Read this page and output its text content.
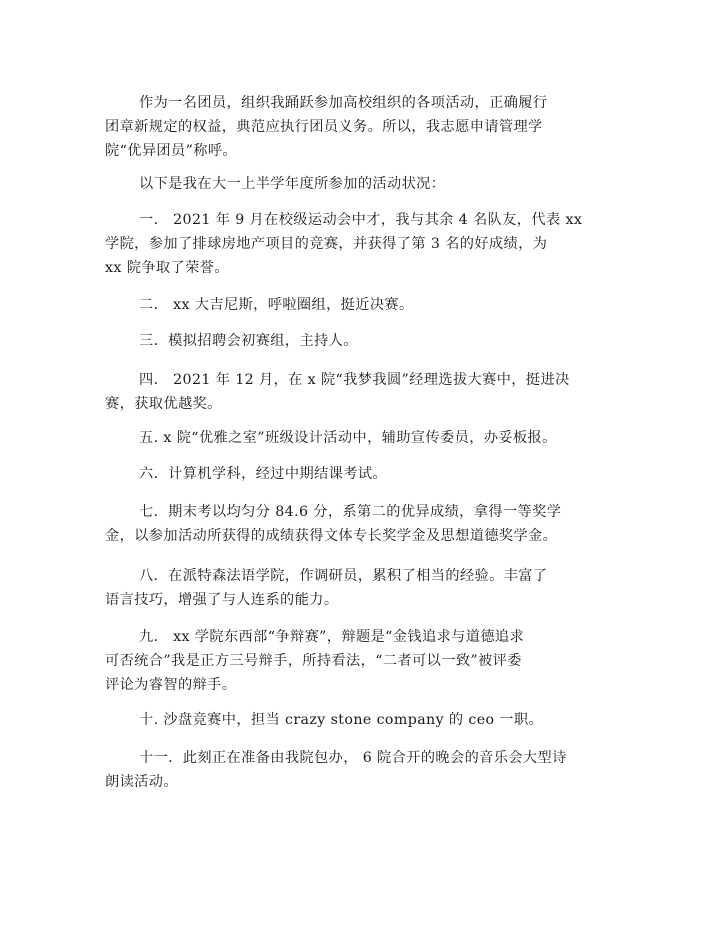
作为一名团员，组织我踊跃参加高校组织的各项活动，正确履行
团章新规定的权益，典范应执行团员义务。所以，我志愿申请管理学
院“优异团员”称呼。

以下是我在大一上半学年度所参加的活动状况：

一． 2021 年 9 月在校级运动会中才，我与其余 4 名队友，代表 xx
学院，参加了排球房地产项目的竞赛，并获得了第 3 名的好成绩，为
xx 院争取了荣誉。

二． xx 大吉尼斯，呼啦圈组，挺近决赛。

三．模拟招聘会初赛组，主持人。

四． 2021 年 12 月，在 x 院“我梦我圆”经理选拔大赛中，挺进决
赛，获取优越奖。

五. x 院“优雅之室”班级设计活动中，辅助宣传委员，办妥板报。

六．计算机学科，经过中期结课考试。

七．期末考以均匀分 84.6 分，系第二的优异成绩，拿得一等奖学
金，以参加活动所获得的成绩获得文体专长奖学金及思想道德奖学金。

八．在派特森法语学院，作调研员，累积了相当的经验。丰富了
语言技巧，增强了与人连系的能力。

九． xx 学院东西部“争辩赛”，辩题是“金钱追求与道德追求
可否统合”我是正方三号辩手，所持看法，“二者可以一致”被评委
评论为睿智的辩手。

十. 沙盘竞赛中，担当 crazy stone company 的 ceo 一职。

十一．此刻正在准备由我院包办， 6 院合开的晚会的音乐会大型诗
朗读活动。
